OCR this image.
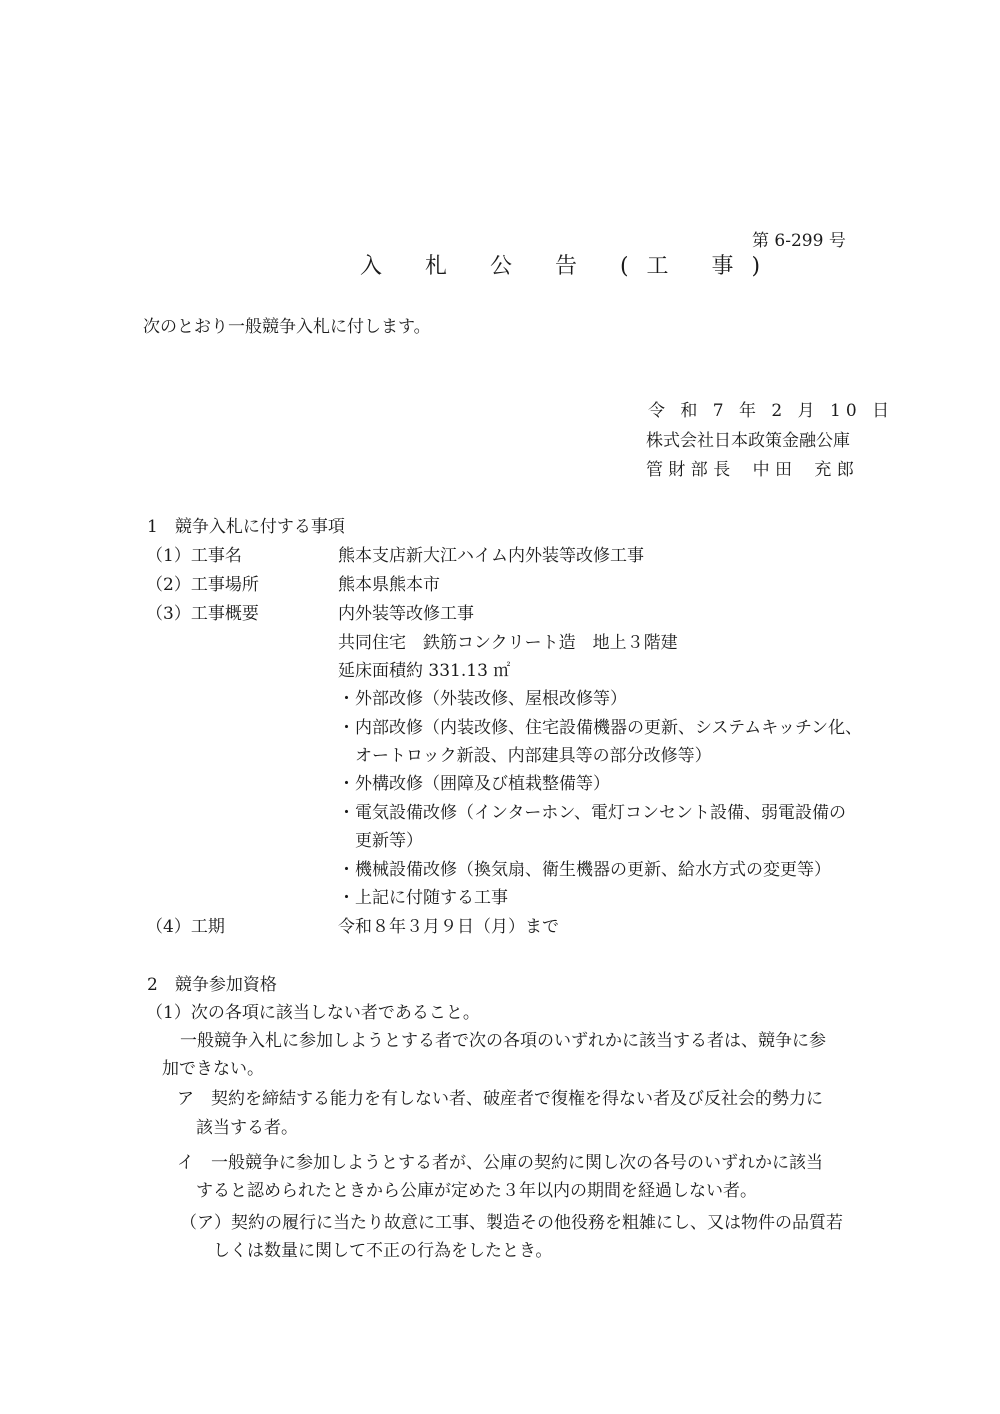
第 6-299 号
入 札 公 告 (工 事)
次のとおり一般競争入札に付します。
令 和 7 年 2 月 10 日
株式会社日本政策金融公庫
管 財 部 長　 中 田　 充 郎
1　競争入札に付する事項
（1）工事名	熊本支店新大江ハイム内外装等改修工事
（2）工事場所	熊本県熊本市
（3）工事概要	内外装等改修工事
共同住宅　鉄筋コンクリート造　地上３階建
延床面積約 331.13 ㎡
・外部改修（外装改修、屋根改修等）
・内部改修（内装改修、住宅設備機器の更新、システムキッチン化、
　オートロック新設、内部建具等の部分改修等）
・外構改修（囲障及び植栽整備等）
・電気設備改修（インターホン、電灯コンセント設備、弱電設備の
　更新等）
・機械設備改修（換気扇、衛生機器の更新、給水方式の変更等）
・上記に付随する工事
（4）工期	令和８年３月９日（月）まで
2　競争参加資格
（1）次の各項に該当しない者であること。
一般競争入札に参加しようとする者で次の各項のいずれかに該当する者は、競争に参
加できない。
ア　契約を締結する能力を有しない者、破産者で復権を得ない者及び反社会的勢力に
該当する者。
イ　一般競争に参加しようとする者が、公庫の契約に関し次の各号のいずれかに該当
すると認められたときから公庫が定めた３年以内の期間を経過しない者。
（ア）契約の履行に当たり故意に工事、製造その他役務を粗雑にし、又は物件の品質若
しくは数量に関して不正の行為をしたとき。
